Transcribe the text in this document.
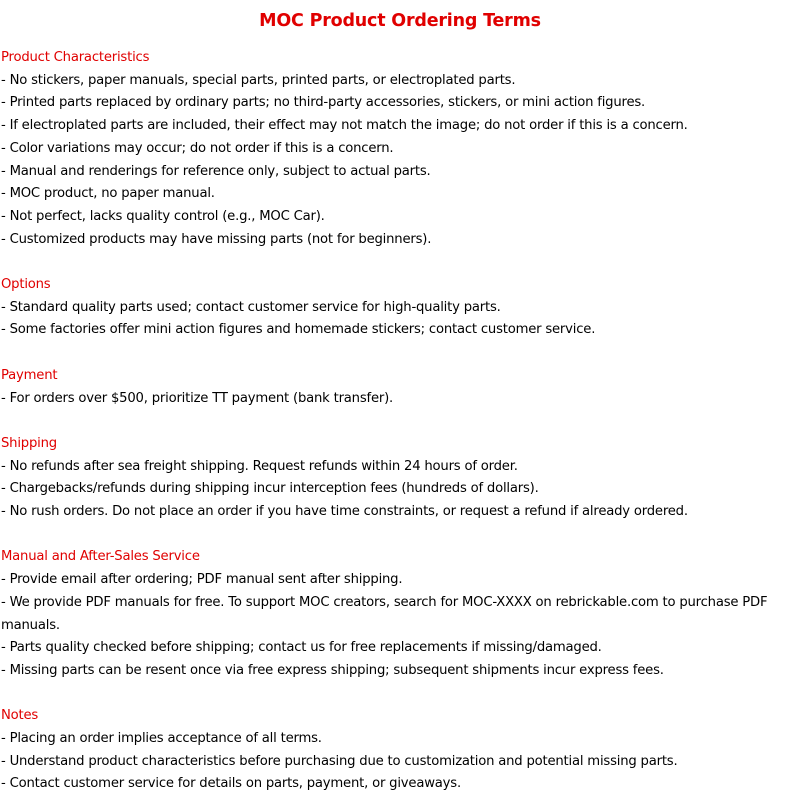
MOC Product Ordering Terms
Product Characteristics
- No stickers, paper manuals, special parts, printed parts, or electroplated parts.
- Printed parts replaced by ordinary parts; no third-party accessories, stickers, or mini action figures.
- If electroplated parts are included, their effect may not match the image; do not order if this is a concern.
- Color variations may occur; do not order if this is a concern.
- Manual and renderings for reference only, subject to actual parts.
- MOC product, no paper manual.
- Not perfect, lacks quality control (e.g., MOC Car).
- Customized products may have missing parts (not for beginners).
Options
- Standard quality parts used; contact customer service for high-quality parts.
- Some factories offer mini action figures and homemade stickers; contact customer service.
Payment
- For orders over $500, prioritize TT payment (bank transfer).
Shipping
- No refunds after sea freight shipping. Request refunds within 24 hours of order.
- Chargebacks/refunds during shipping incur interception fees (hundreds of dollars).
- No rush orders. Do not place an order if you have time constraints, or request a refund if already ordered.
Manual and After-Sales Service
- Provide email after ordering; PDF manual sent after shipping.
- We provide PDF manuals for free. To support MOC creators, search for MOC-XXXX on rebrickable.com to purchase PDF manuals.
- Parts quality checked before shipping; contact us for free replacements if missing/damaged.
- Missing parts can be resent once via free express shipping; subsequent shipments incur express fees.
Notes
- Placing an order implies acceptance of all terms.
- Understand product characteristics before purchasing due to customization and potential missing parts.
- Contact customer service for details on parts, payment, or giveaways.
